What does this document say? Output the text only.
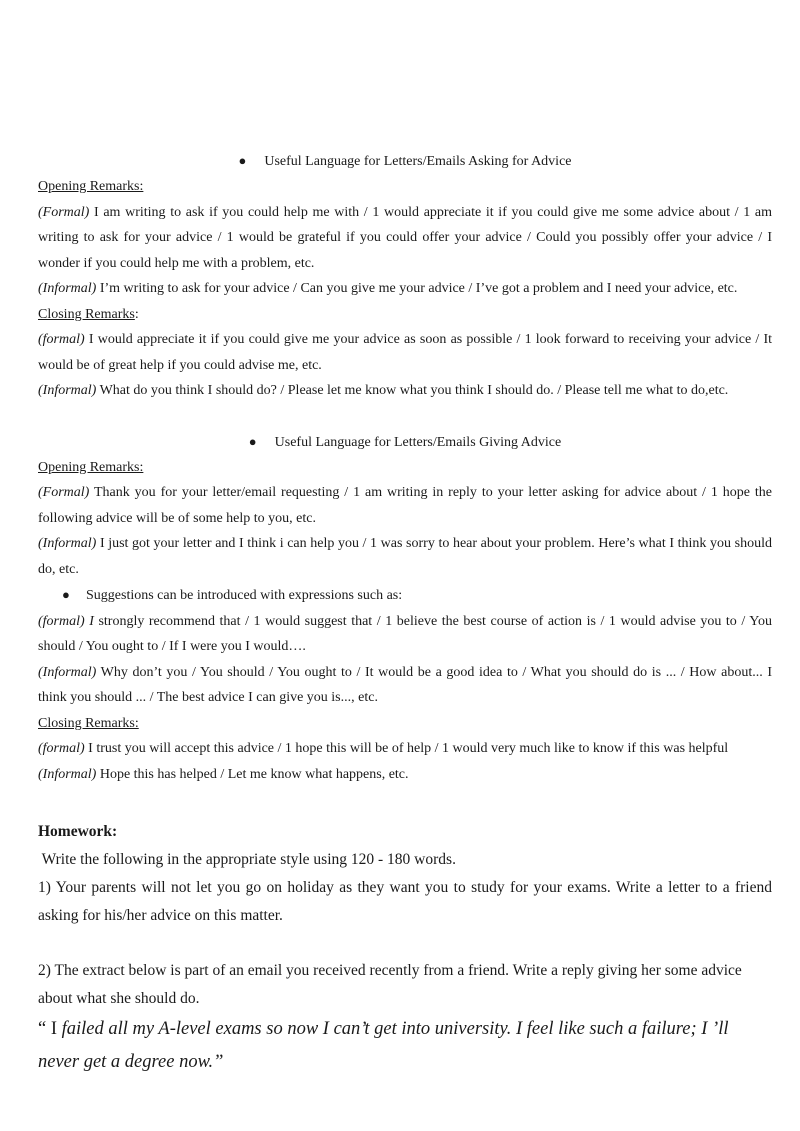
● Useful Language for Letters/Emails Asking for Advice
Opening Remarks:

(Formal) I am writing to ask if you could help me with / 1 would appreciate it if you could give me some advice about / 1 am writing to ask for your advice / 1 would be grateful if you could offer your advice / Could you possibly offer your advice / I wonder if you could help me with a problem, etc.

(Informal) I’m writing to ask for your advice / Can you give me your advice / I’ve got a problem and I need your advice, etc.

Closing Remarks:

(formal) I would appreciate it if you could give me your advice as soon as possible / 1 look forward to receiving your advice / It would be of great help if you could advise me, etc.

(Informal) What do you think I should do? / Please let me know what you think I should do. / Please tell me what to do,etc.

● Useful Language for Letters/Emails Giving Advice
Opening Remarks:

(Formal) Thank you for your letter/email requesting / 1 am writing in reply to your letter asking for advice about / 1 hope the following advice will be of some help to you, etc.

(Informal) I just got your letter and I think i can help you / 1 was sorry to hear about your problem. Here’s what I think you should do, etc.

● Suggestions can be introduced with expressions such as:

(formal) I strongly recommend that / 1 would suggest that / 1 believe the best course of action is / 1 would advise you to / You should / You ought to / If I were you I would….

(Informal) Why don’t you / You should / You ought to / It would be a good idea to / What you should do is ... / How about... I think you should ... / The best advice I can give you is..., etc.

Closing Remarks:

(formal) I trust you will accept this advice / 1 hope this will be of help / 1 would very much like to know if this was helpful

(Informal) Hope this has helped / Let me know what happens, etc.

Homework:

Write the following in the appropriate style using 120 - 180 words.

1) Your parents will not let you go on holiday as they want you to study for your exams. Write a letter to a friend asking for his/her advice on this matter.

2) The extract below is part of an email you received recently from a friend. Write a reply giving her some advice

about what she should do.

“ I failed all my A-level exams so now I can’t get into university. I feel like such a failure; I ’ll never get a degree now.”
